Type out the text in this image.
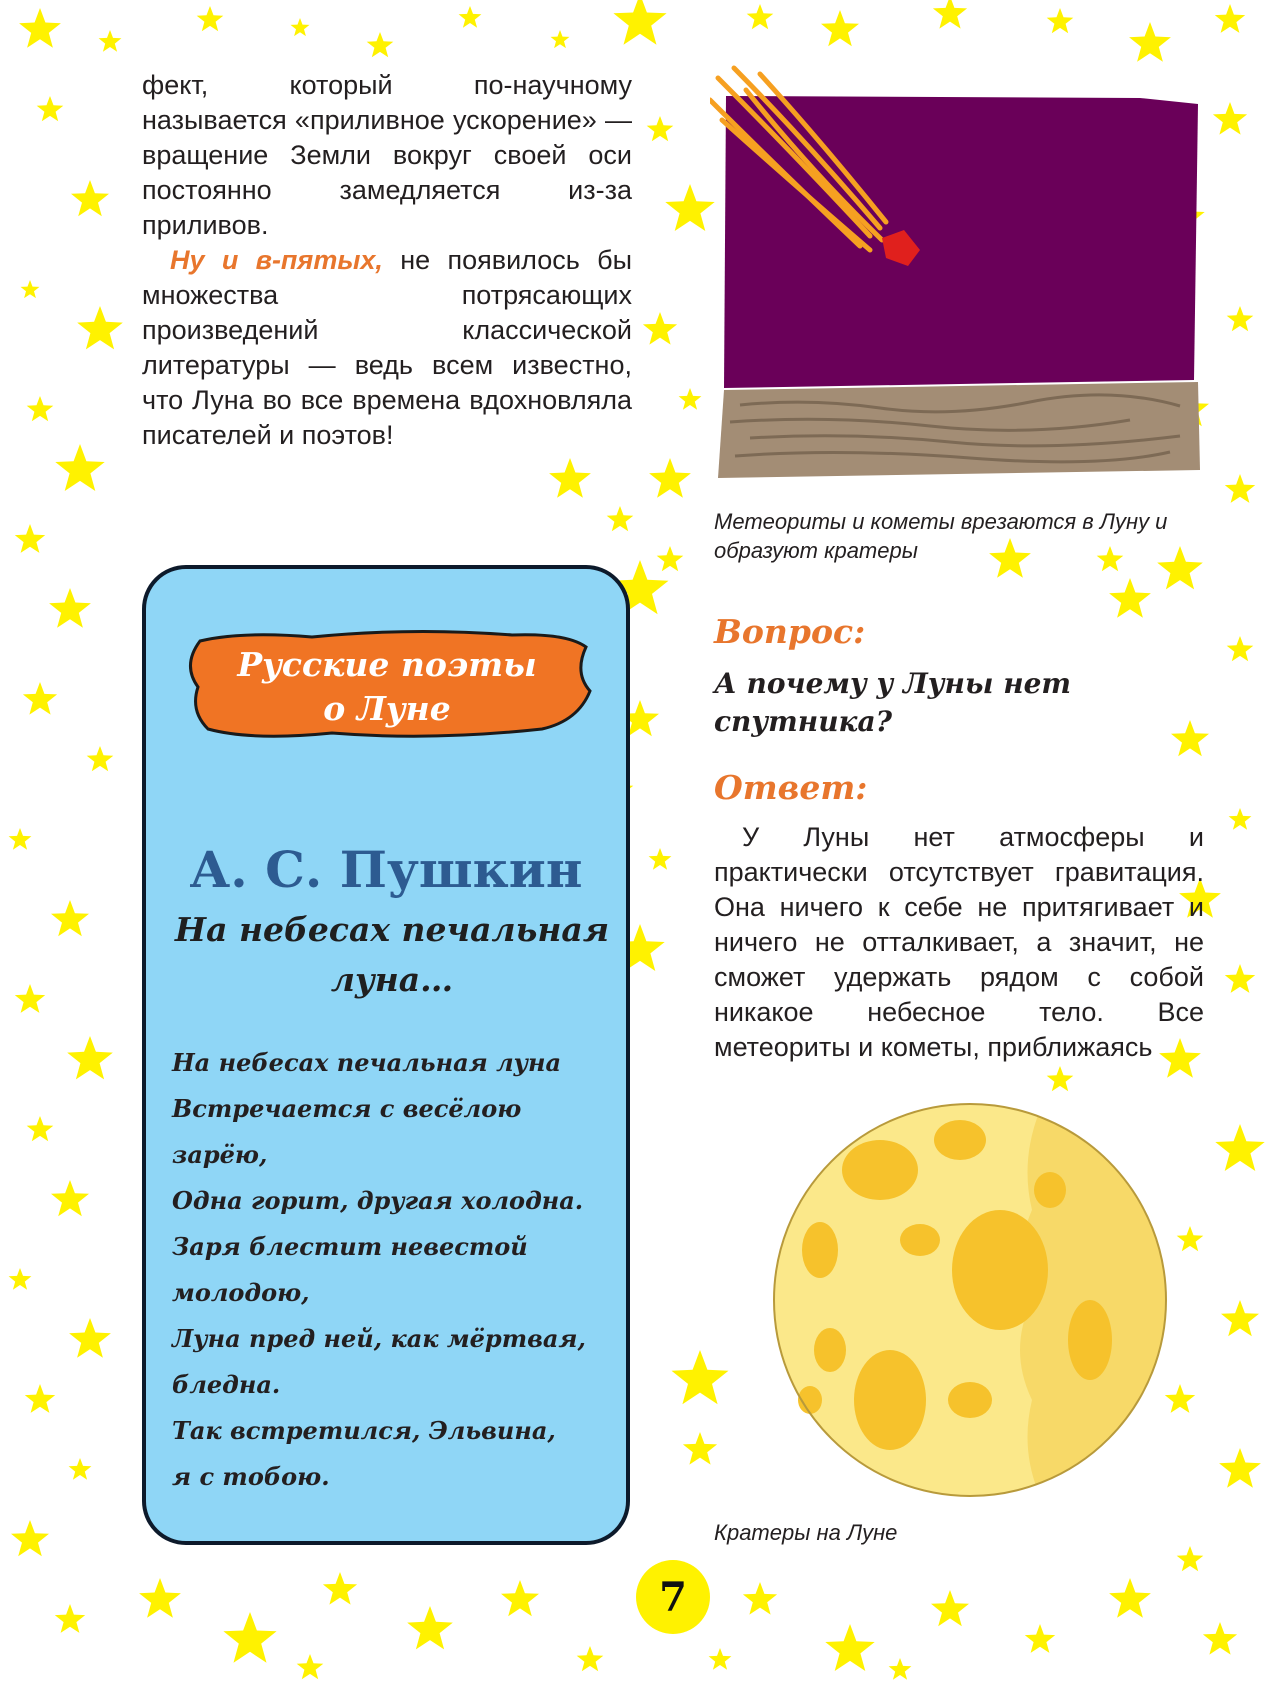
фект, который по-научному называется «приливное ускорение» — вращение Земли вокруг своей оси постоянно замедляется из-за приливов.

Ну и в-пятых, не появилось бы множества потрясающих произведений классической литературы — ведь всем известно, что Луна во все времена вдохновляла писателей и поэтов!

Метеориты и кометы врезаются в Луну и образуют кратеры
Русские поэты
о Луне
А. С. Пушкин
На небесах печальная
луна…
На небесах печальная луна
Встречается с весёлою
зарёю,
Одна горит, другая холодна.
Заря блестит невестой
молодою,
Луна пред ней, как мёртвая,
бледна.
Так встретился, Эльвина,
я с тобою.
Вопрос:
А почему у Луны нет спутника?
Ответ:

У Луны нет атмосферы и практически отсутствует гравитация. Она ничего к себе не притягивает и ничего не отталкивает, а значит, не сможет удержать рядом с собой никакое небесное тело. Все метеориты и кометы, приближаясь

Кратеры на Луне
7
